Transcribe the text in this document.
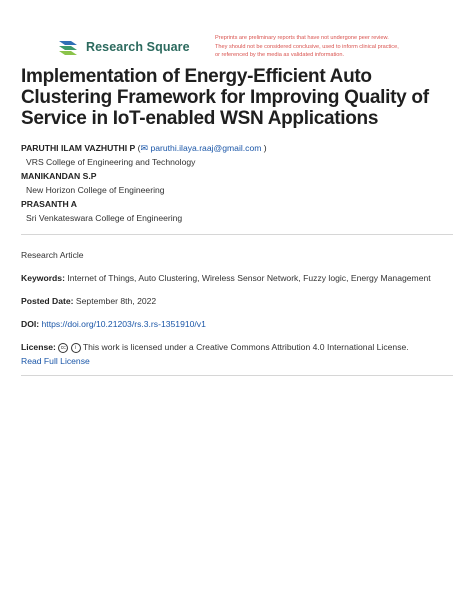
Research Square
Preprints are preliminary reports that have not undergone peer review.
They should not be considered conclusive, used to inform clinical practice,
or referenced by the media as validated information.
Implementation of Energy-Efficient Auto Clustering Framework for Improving Quality of Service in IoT-enabled WSN Applications
PARUTHI ILAM VAZHUTHI P (✉ paruthi.ilaya.raaj@gmail.com )
VRS College of Engineering and Technology
MANIKANDAN S.P
New Horizon College of Engineering
PRASANTH A
Sri Venkateswara College of Engineering
Research Article
Keywords: Internet of Things, Auto Clustering, Wireless Sensor Network, Fuzzy logic, Energy Management
Posted Date: September 8th, 2022
DOI: https://doi.org/10.21203/rs.3.rs-1351910/v1
License: cc i This work is licensed under a Creative Commons Attribution 4.0 International License.
Read Full License
